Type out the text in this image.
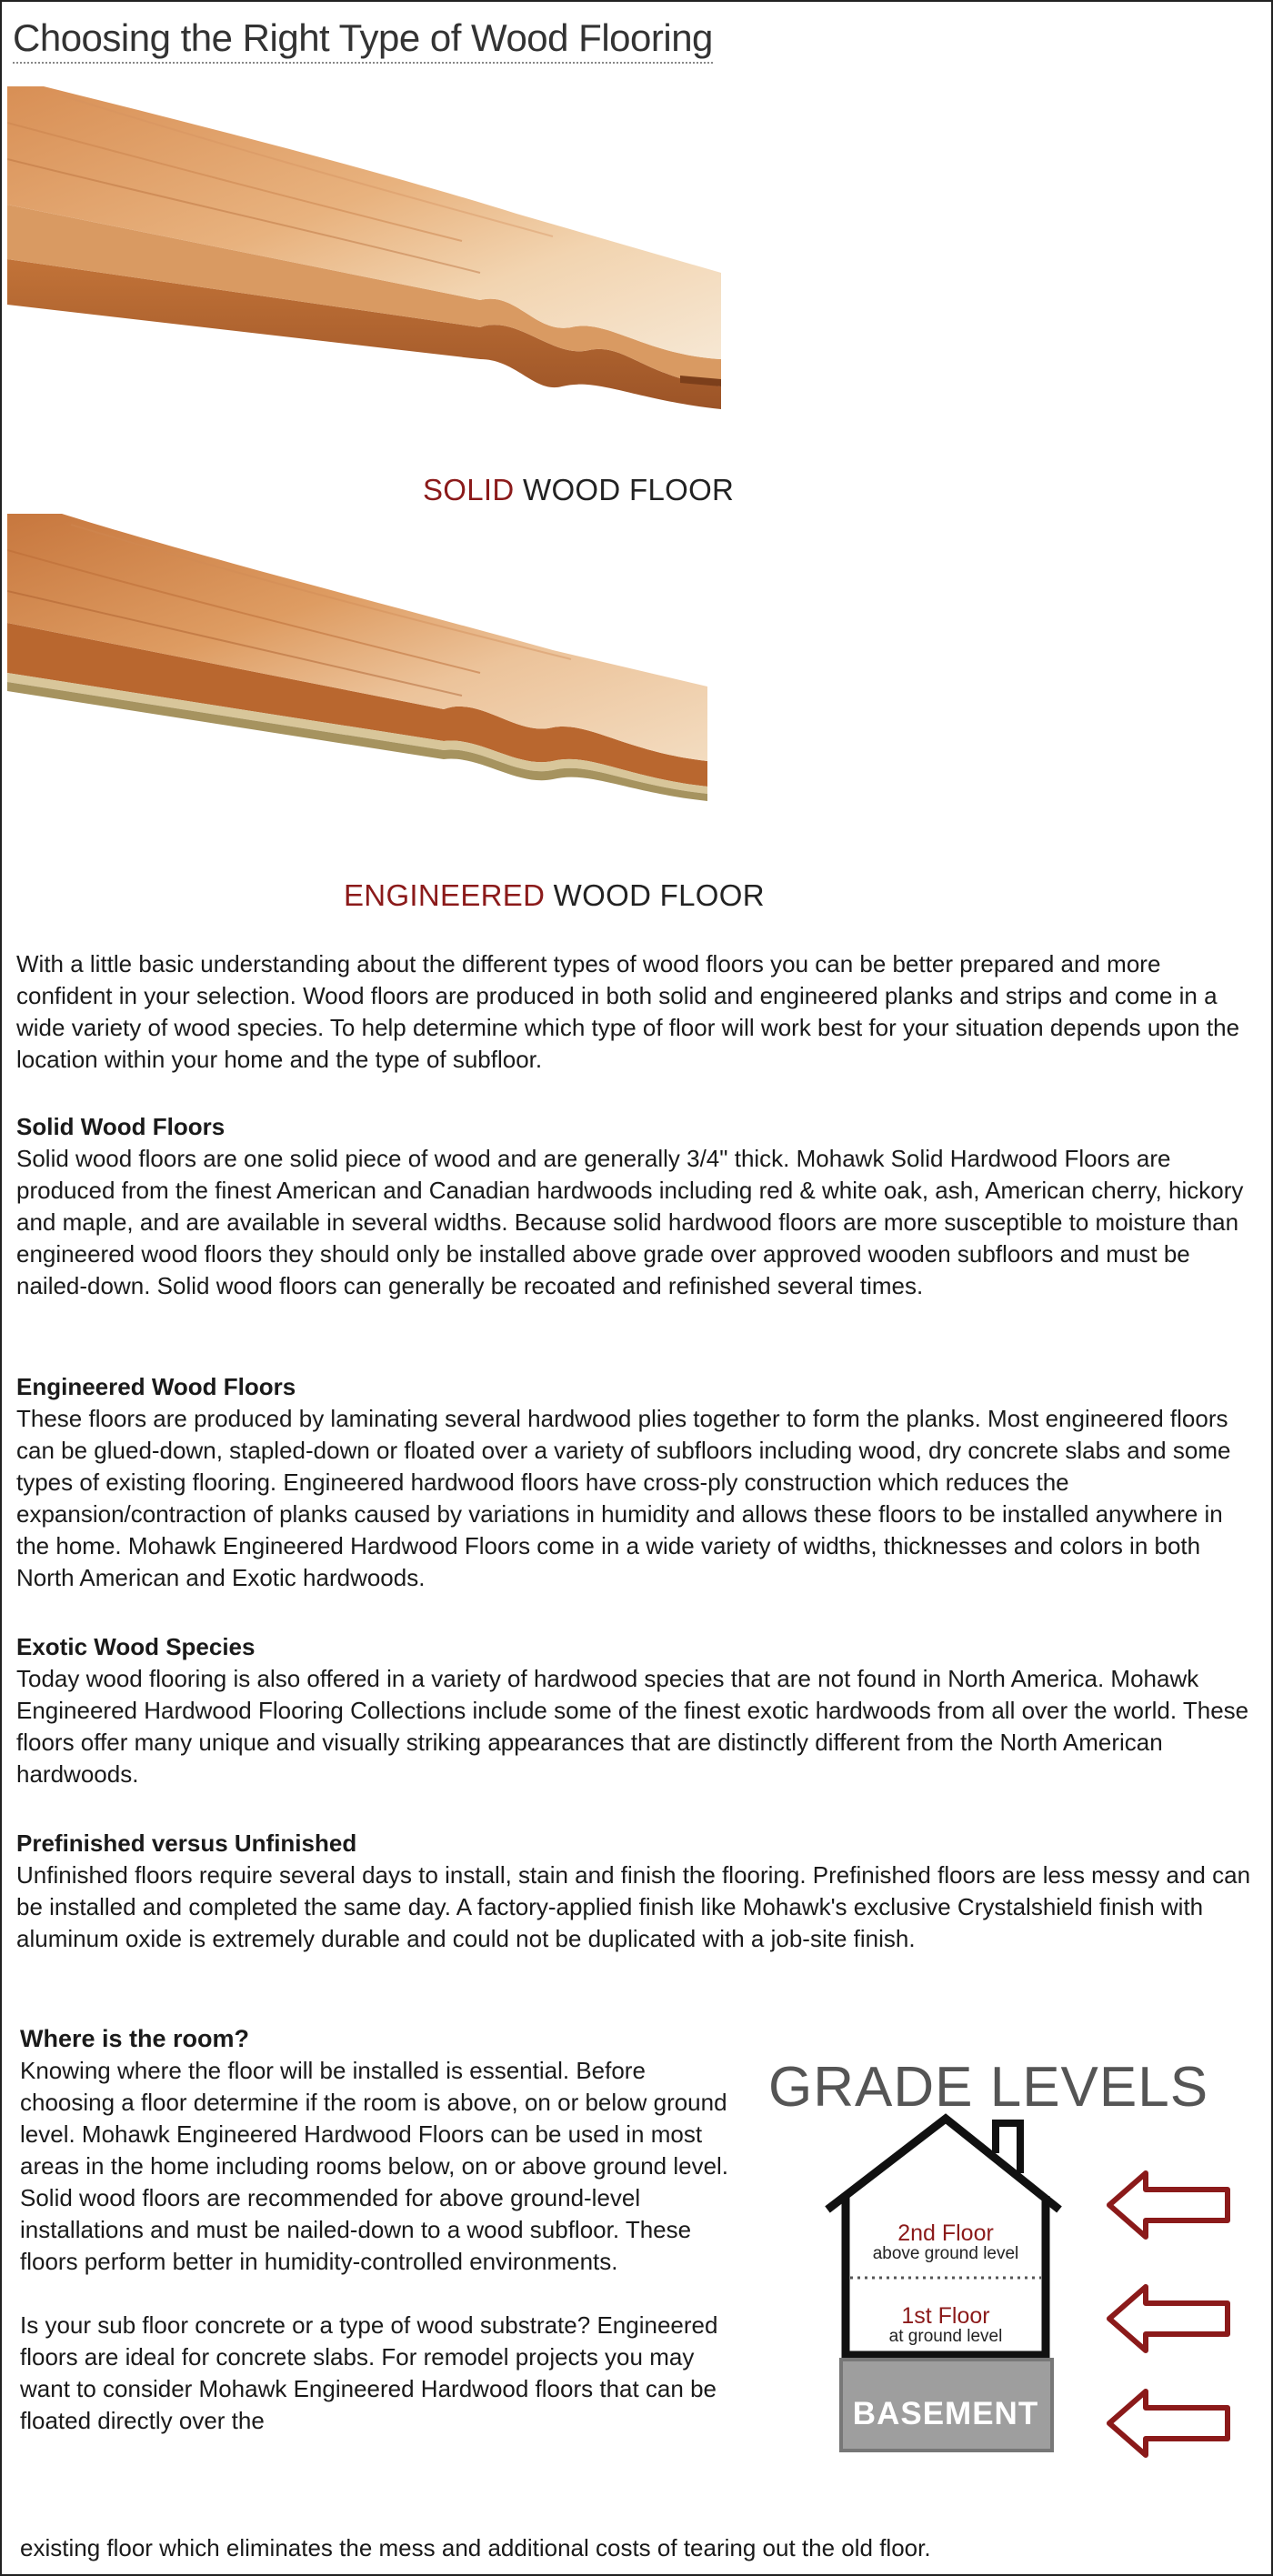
Choosing the Right Type of Wood Flooring
SOLID WOOD FLOOR
ENGINEERED WOOD FLOOR

With a little basic understanding about the different types of wood floors you can be better prepared and more confident in your selection. Wood floors are produced in both solid and engineered planks and strips and come in a wide variety of wood species. To help determine which type of floor will work best for your situation depends upon the location within your home and the type of subfloor.

Solid Wood Floors

Solid wood floors are one solid piece of wood and are generally 3/4" thick. Mohawk Solid Hardwood Floors are produced from the finest American and Canadian hardwoods including red & white oak, ash, American cherry, hickory and maple, and are available in several widths. Because solid hardwood floors are more susceptible to moisture than engineered wood floors they should only be installed above grade over approved wooden subfloors and must be nailed-down. Solid wood floors can generally be recoated and refinished several times.

Engineered Wood Floors

These floors are produced by laminating several hardwood plies together to form the planks. Most engineered floors can be glued-down, stapled-down or floated over a variety of subfloors including wood, dry concrete slabs and some types of existing flooring. Engineered hardwood floors have cross-ply construction which reduces the expansion/contraction of planks caused by variations in humidity and allows these floors to be installed anywhere in the home. Mohawk Engineered Hardwood Floors come in a wide variety of widths, thicknesses and colors in both North American and Exotic hardwoods.

Exotic Wood Species

Today wood flooring is also offered in a variety of hardwood species that are not found in North America. Mohawk Engineered Hardwood Flooring Collections include some of the finest exotic hardwoods from all over the world. These floors offer many unique and visually striking appearances that are distinctly different from the North American hardwoods.

Prefinished versus Unfinished

Unfinished floors require several days to install, stain and finish the flooring. Prefinished floors are less messy and can be installed and completed the same day. A factory-applied finish like Mohawk's exclusive Crystalshield finish with aluminum oxide is extremely durable and could not be duplicated with a job-site finish.

Where is the room?

Knowing where the floor will be installed is essential. Before choosing a floor determine if the room is above, on or below ground level. Mohawk Engineered Hardwood Floors can be used in most areas in the home including rooms below, on or above ground level. Solid wood floors are recommended for above ground-level installations and must be nailed-down to a wood subfloor. These floors perform better in humidity-controlled environments.

Is your sub floor concrete or a type of wood substrate? Engineered floors are ideal for concrete slabs. For remodel projects you may want to consider Mohawk Engineered Hardwood floors that can be floated directly over the

existing floor which eliminates the mess and additional costs of tearing out the old floor.
GRADE LEVELS
2nd Floor
above ground level
1st Floor
at ground level
BASEMENT
